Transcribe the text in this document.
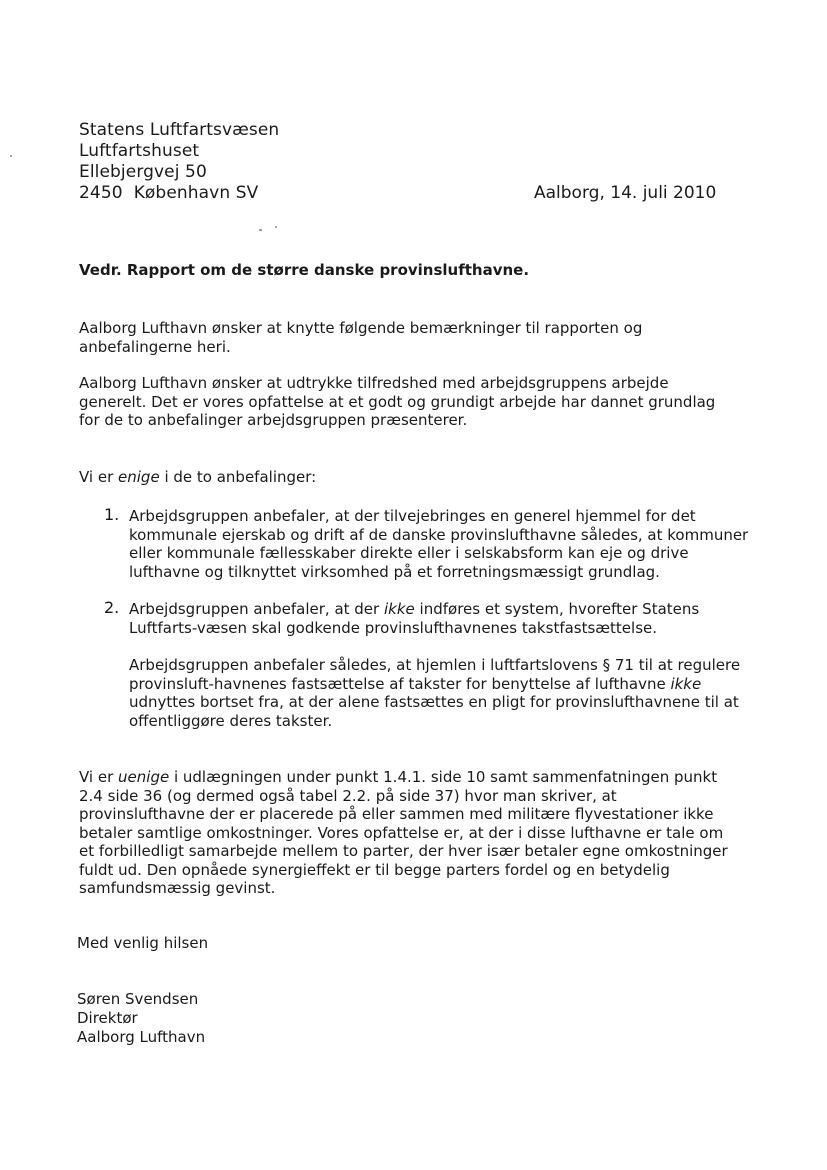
Statens Luftfartsvæsen
Luftfartshuset
Ellebjergvej 50
2450 København SV	Aalborg, 14. juli 2010
Vedr. Rapport om de større danske provinslufthavne.

Aalborg Lufthavn ønsker at knytte følgende bemærkninger til rapporten og anbefalingerne heri.

Aalborg Lufthavn ønsker at udtrykke tilfredshed med arbejdsgruppens arbejde generelt. Det er vores opfattelse at et godt og grundigt arbejde har dannet grundlag for de to anbefalinger arbejdsgruppen præsenterer.

Vi er enige i de to anbefalinger:

1. Arbejdsgruppen anbefaler, at der tilvejebringes en generel hjemmel for det kommunale ejerskab og drift af de danske provinslufthavne således, at kommuner eller kommunale fællesskaber direkte eller i selskabsform kan eje og drive lufthavne og tilknyttet virksomhed på et forretningsmæssigt grundlag.

2. Arbejdsgruppen anbefaler, at der ikke indføres et system, hvorefter Statens Luftfarts-væsen skal godkende provinslufthavnenes takstfastsættelse.

Arbejdsgruppen anbefaler således, at hjemlen i luftfartslovens § 71 til at regulere provinsluft-havnenes fastsættelse af takster for benyttelse af lufthavne ikke udnyttes bortset fra, at der alene fastsættes en pligt for provinslufthavnene til at offentliggøre deres takster.

Vi er uenige i udlægningen under punkt 1.4.1. side 10 samt sammenfatningen punkt 2.4 side 36 (og dermed også tabel 2.2. på side 37) hvor man skriver, at provinslufthavne der er placerede på eller sammen med militære flyvestationer ikke betaler samtlige omkostninger. Vores opfattelse er, at der i disse lufthavne er tale om et forbilledligt samarbejde mellem to parter, der hver især betaler egne omkostninger fuldt ud. Den opnåede synergieffekt er til begge parters fordel og en betydelig samfundsmæssig gevinst.

Med venlig hilsen
Søren Svendsen
Direktør
Aalborg Lufthavn
